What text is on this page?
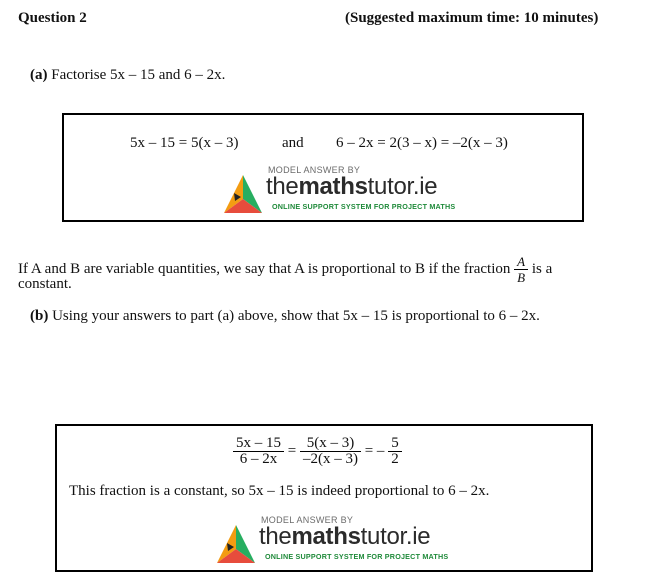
Question 2	(Suggested maximum time: 10 minutes)
(a) Factorise 5x – 15 and 6 – 2x.
5x – 15 = 5(x – 3)	and 6 – 2x = 2(3 – x) = –2(x – 3)
MODEL ANSWER BY
themathstutor.ie
ONLINE SUPPORT SYSTEM FOR PROJECT MATHS
If A and B are variable quantities, we say that A is proportional to B if the fraction $\frac{A}{B}$ is a
constant.
(b) Using your answers to part (a) above, show that 5x – 15 is proportional to 6 – 2x.
$\frac{5x - 15}{6 - 2x} = \frac{5(x - 3)}{-2(x - 3)}$ = – $\frac{5}{2}$
This fraction is a constant, so 5x – 15 is indeed proportional to 6 – 2x.
MODEL ANSWER BY
themathstutor.ie
ONLINE SUPPORT SYSTEM FOR PROJECT MATHS
